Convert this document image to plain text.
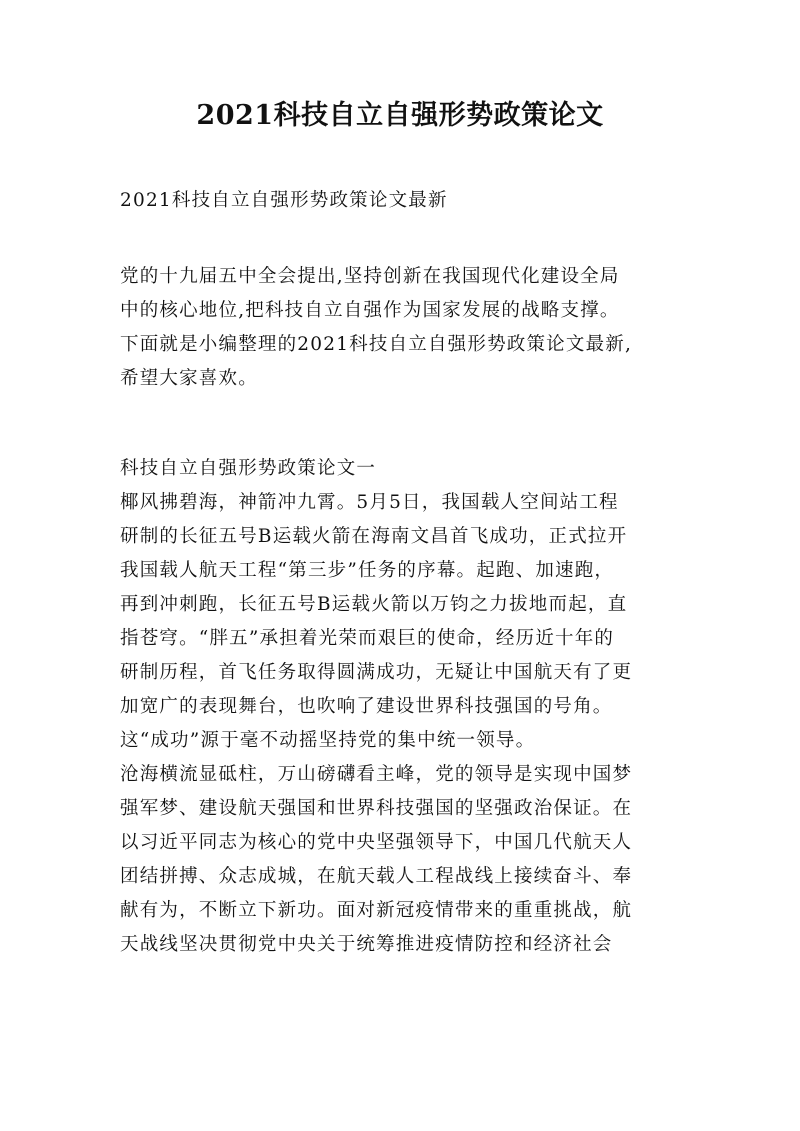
2021科技自立自强形势政策论文
2021科技自立自强形势政策论文最新
党的十九届五中全会提出,坚持创新在我国现代化建设全局
中的核心地位,把科技自立自强作为国家发展的战略支撑。
下面就是小编整理的2021科技自立自强形势政策论文最新,
希望大家喜欢。
科技自立自强形势政策论文一
椰风拂碧海，神箭冲九霄。5月5日，我国载人空间站工程
研制的长征五号B运载火箭在海南文昌首飞成功，正式拉开
我国载人航天工程“第三步”任务的序幕。起跑、加速跑，
再到冲刺跑，长征五号B运载火箭以万钧之力拔地而起，直
指苍穹。“胖五”承担着光荣而艰巨的使命，经历近十年的
研制历程，首飞任务取得圆满成功，无疑让中国航天有了更
加宽广的表现舞台，也吹响了建设世界科技强国的号角。
这“成功”源于毫不动摇坚持党的集中统一领导。
沧海横流显砥柱，万山磅礴看主峰，党的领导是实现中国梦
强军梦、建设航天强国和世界科技强国的坚强政治保证。在
以习近平同志为核心的党中央坚强领导下，中国几代航天人
团结拼搏、众志成城，在航天载人工程战线上接续奋斗、奉
献有为，不断立下新功。面对新冠疫情带来的重重挑战，航
天战线坚决贯彻党中央关于统筹推进疫情防控和经济社会
